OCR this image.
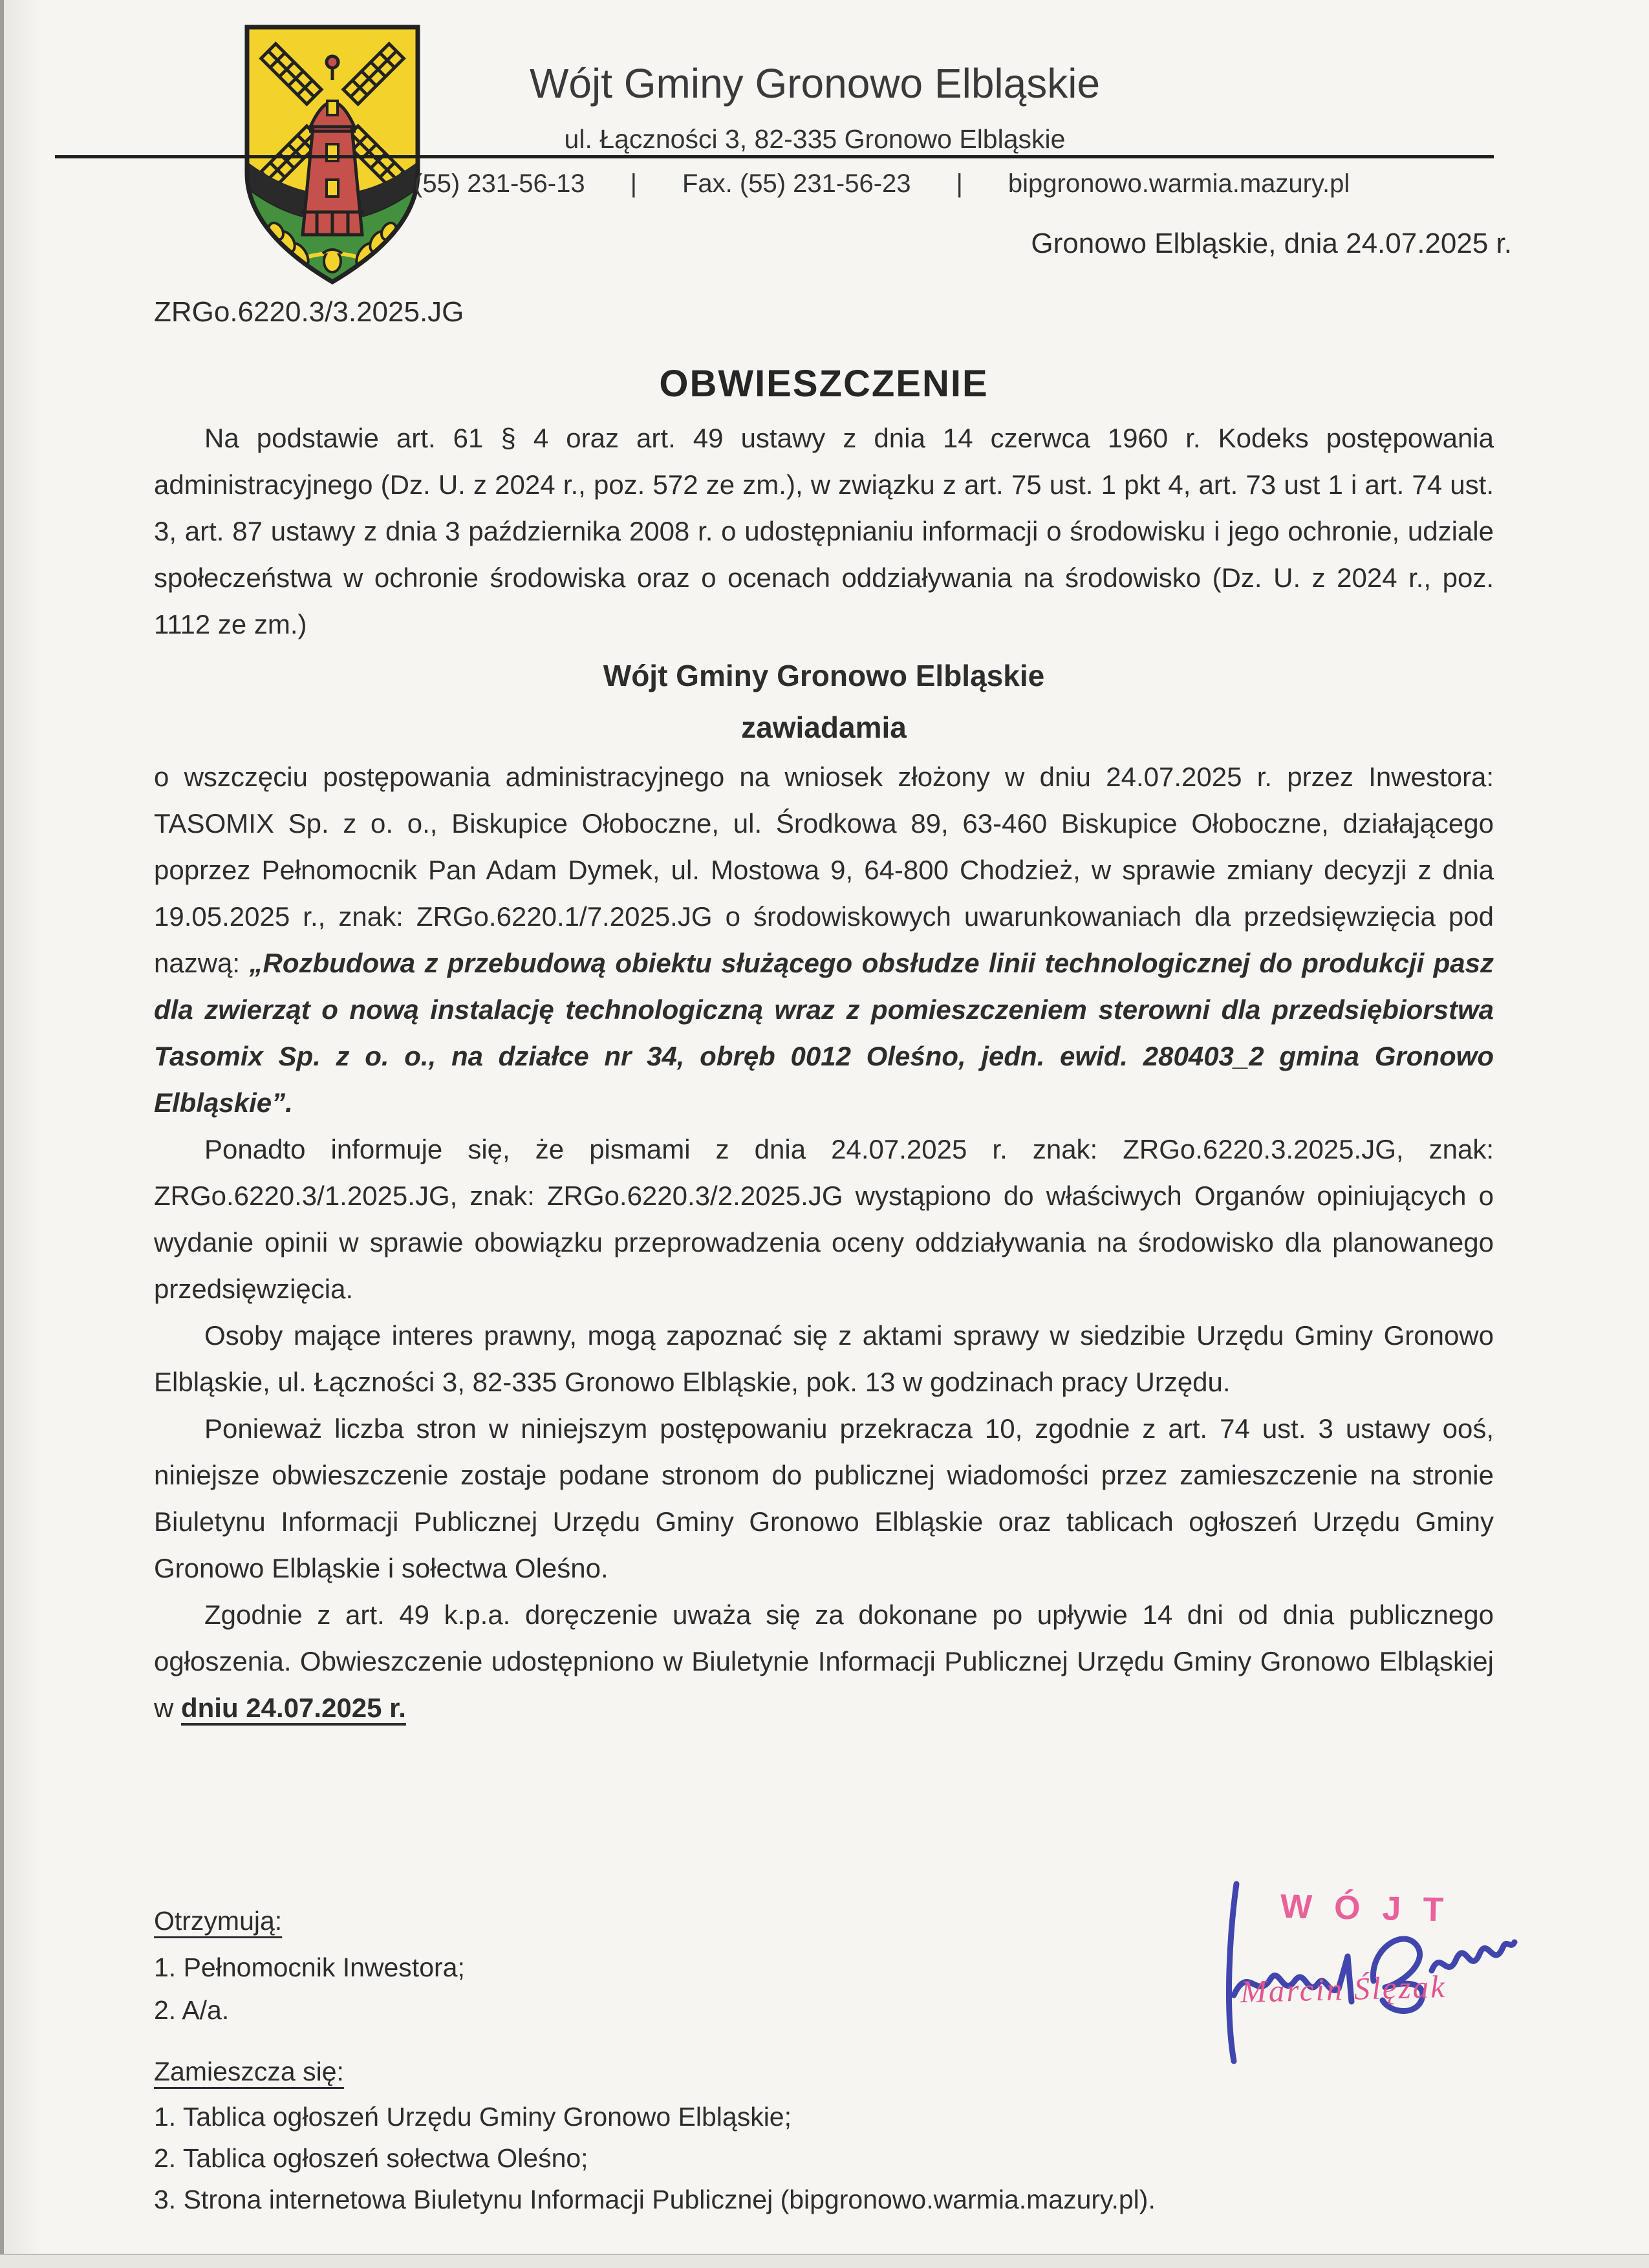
Wójt Gminy Gronowo Elbląskie
ul. Łączności 3, 82-335 Gronowo Elbląskie
(55) 231-56-13 | Fax. (55) 231-56-23 | bipgronowo.warmia.mazury.pl
Gronowo Elbląskie, dnia 24.07.2025 r.
ZRGo.6220.3/3.2025.JG
OBWIESZCZENIE

Na podstawie art. 61 § 4 oraz art. 49 ustawy z dnia 14 czerwca 1960 r. Kodeks postępowania administracyjnego (Dz. U. z 2024 r., poz. 572 ze zm.), w związku z art. 75 ust. 1 pkt 4, art. 73 ust 1 i art. 74 ust. 3, art. 87 ustawy z dnia 3 października 2008 r. o udostępnianiu informacji o środowisku i jego ochronie, udziale społeczeństwa w ochronie środowiska oraz o ocenach oddziaływania na środowisko (Dz. U. z 2024 r., poz. 1112 ze zm.)

Wójt Gminy Gronowo Elbląskie
zawiadamia

o wszczęciu postępowania administracyjnego na wniosek złożony w dniu 24.07.2025 r. przez Inwestora: TASOMIX Sp. z o. o., Biskupice Ołoboczne, ul. Środkowa 89, 63-460 Biskupice Ołoboczne, działającego poprzez Pełnomocnik Pan Adam Dymek, ul. Mostowa 9, 64-800 Chodzież, w sprawie zmiany decyzji z dnia 19.05.2025 r., znak: ZRGo.6220.1/7.2025.JG o środowiskowych uwarunkowaniach dla przedsięwzięcia pod nazwą: „Rozbudowa z przebudową obiektu służącego obsłudze linii technologicznej do produkcji pasz dla zwierząt o nową instalację technologiczną wraz z pomieszczeniem sterowni dla przedsiębiorstwa Tasomix Sp. z o. o., na działce nr 34, obręb 0012 Oleśno, jedn. ewid. 280403_2 gmina Gronowo Elbląskie”.

Ponadto informuje się, że pismami z dnia 24.07.2025 r. znak: ZRGo.6220.3.2025.JG, znak: ZRGo.6220.3/1.2025.JG, znak: ZRGo.6220.3/2.2025.JG wystąpiono do właściwych Organów opiniujących o wydanie opinii w sprawie obowiązku przeprowadzenia oceny oddziaływania na środowisko dla planowanego przedsięwzięcia.

Osoby mające interes prawny, mogą zapoznać się z aktami sprawy w siedzibie Urzędu Gminy Gronowo Elbląskie, ul. Łączności 3, 82-335 Gronowo Elbląskie, pok. 13 w godzinach pracy Urzędu.

Ponieważ liczba stron w niniejszym postępowaniu przekracza 10, zgodnie z art. 74 ust. 3 ustawy ooś, niniejsze obwieszczenie zostaje podane stronom do publicznej wiadomości przez zamieszczenie na stronie Biuletynu Informacji Publicznej Urzędu Gminy Gronowo Elbląskie oraz tablicach ogłoszeń Urzędu Gminy Gronowo Elbląskie i sołectwa Oleśno.

Zgodnie z art. 49 k.p.a. doręczenie uważa się za dokonane po upływie 14 dni od dnia publicznego ogłoszenia. Obwieszczenie udostępniono w Biuletynie Informacji Publicznej Urzędu Gminy Gronowo Elbląskiej w dniu 24.07.2025 r.

Otrzymują:
1. Pełnomocnik Inwestora;
2. A/a.
WÓJT
Marcin Ślęzak
Zamieszcza się:
1. Tablica ogłoszeń Urzędu Gminy Gronowo Elbląskie;
2. Tablica ogłoszeń sołectwa Oleśno;
3. Strona internetowa Biuletynu Informacji Publicznej (bipgronowo.warmia.mazury.pl).
